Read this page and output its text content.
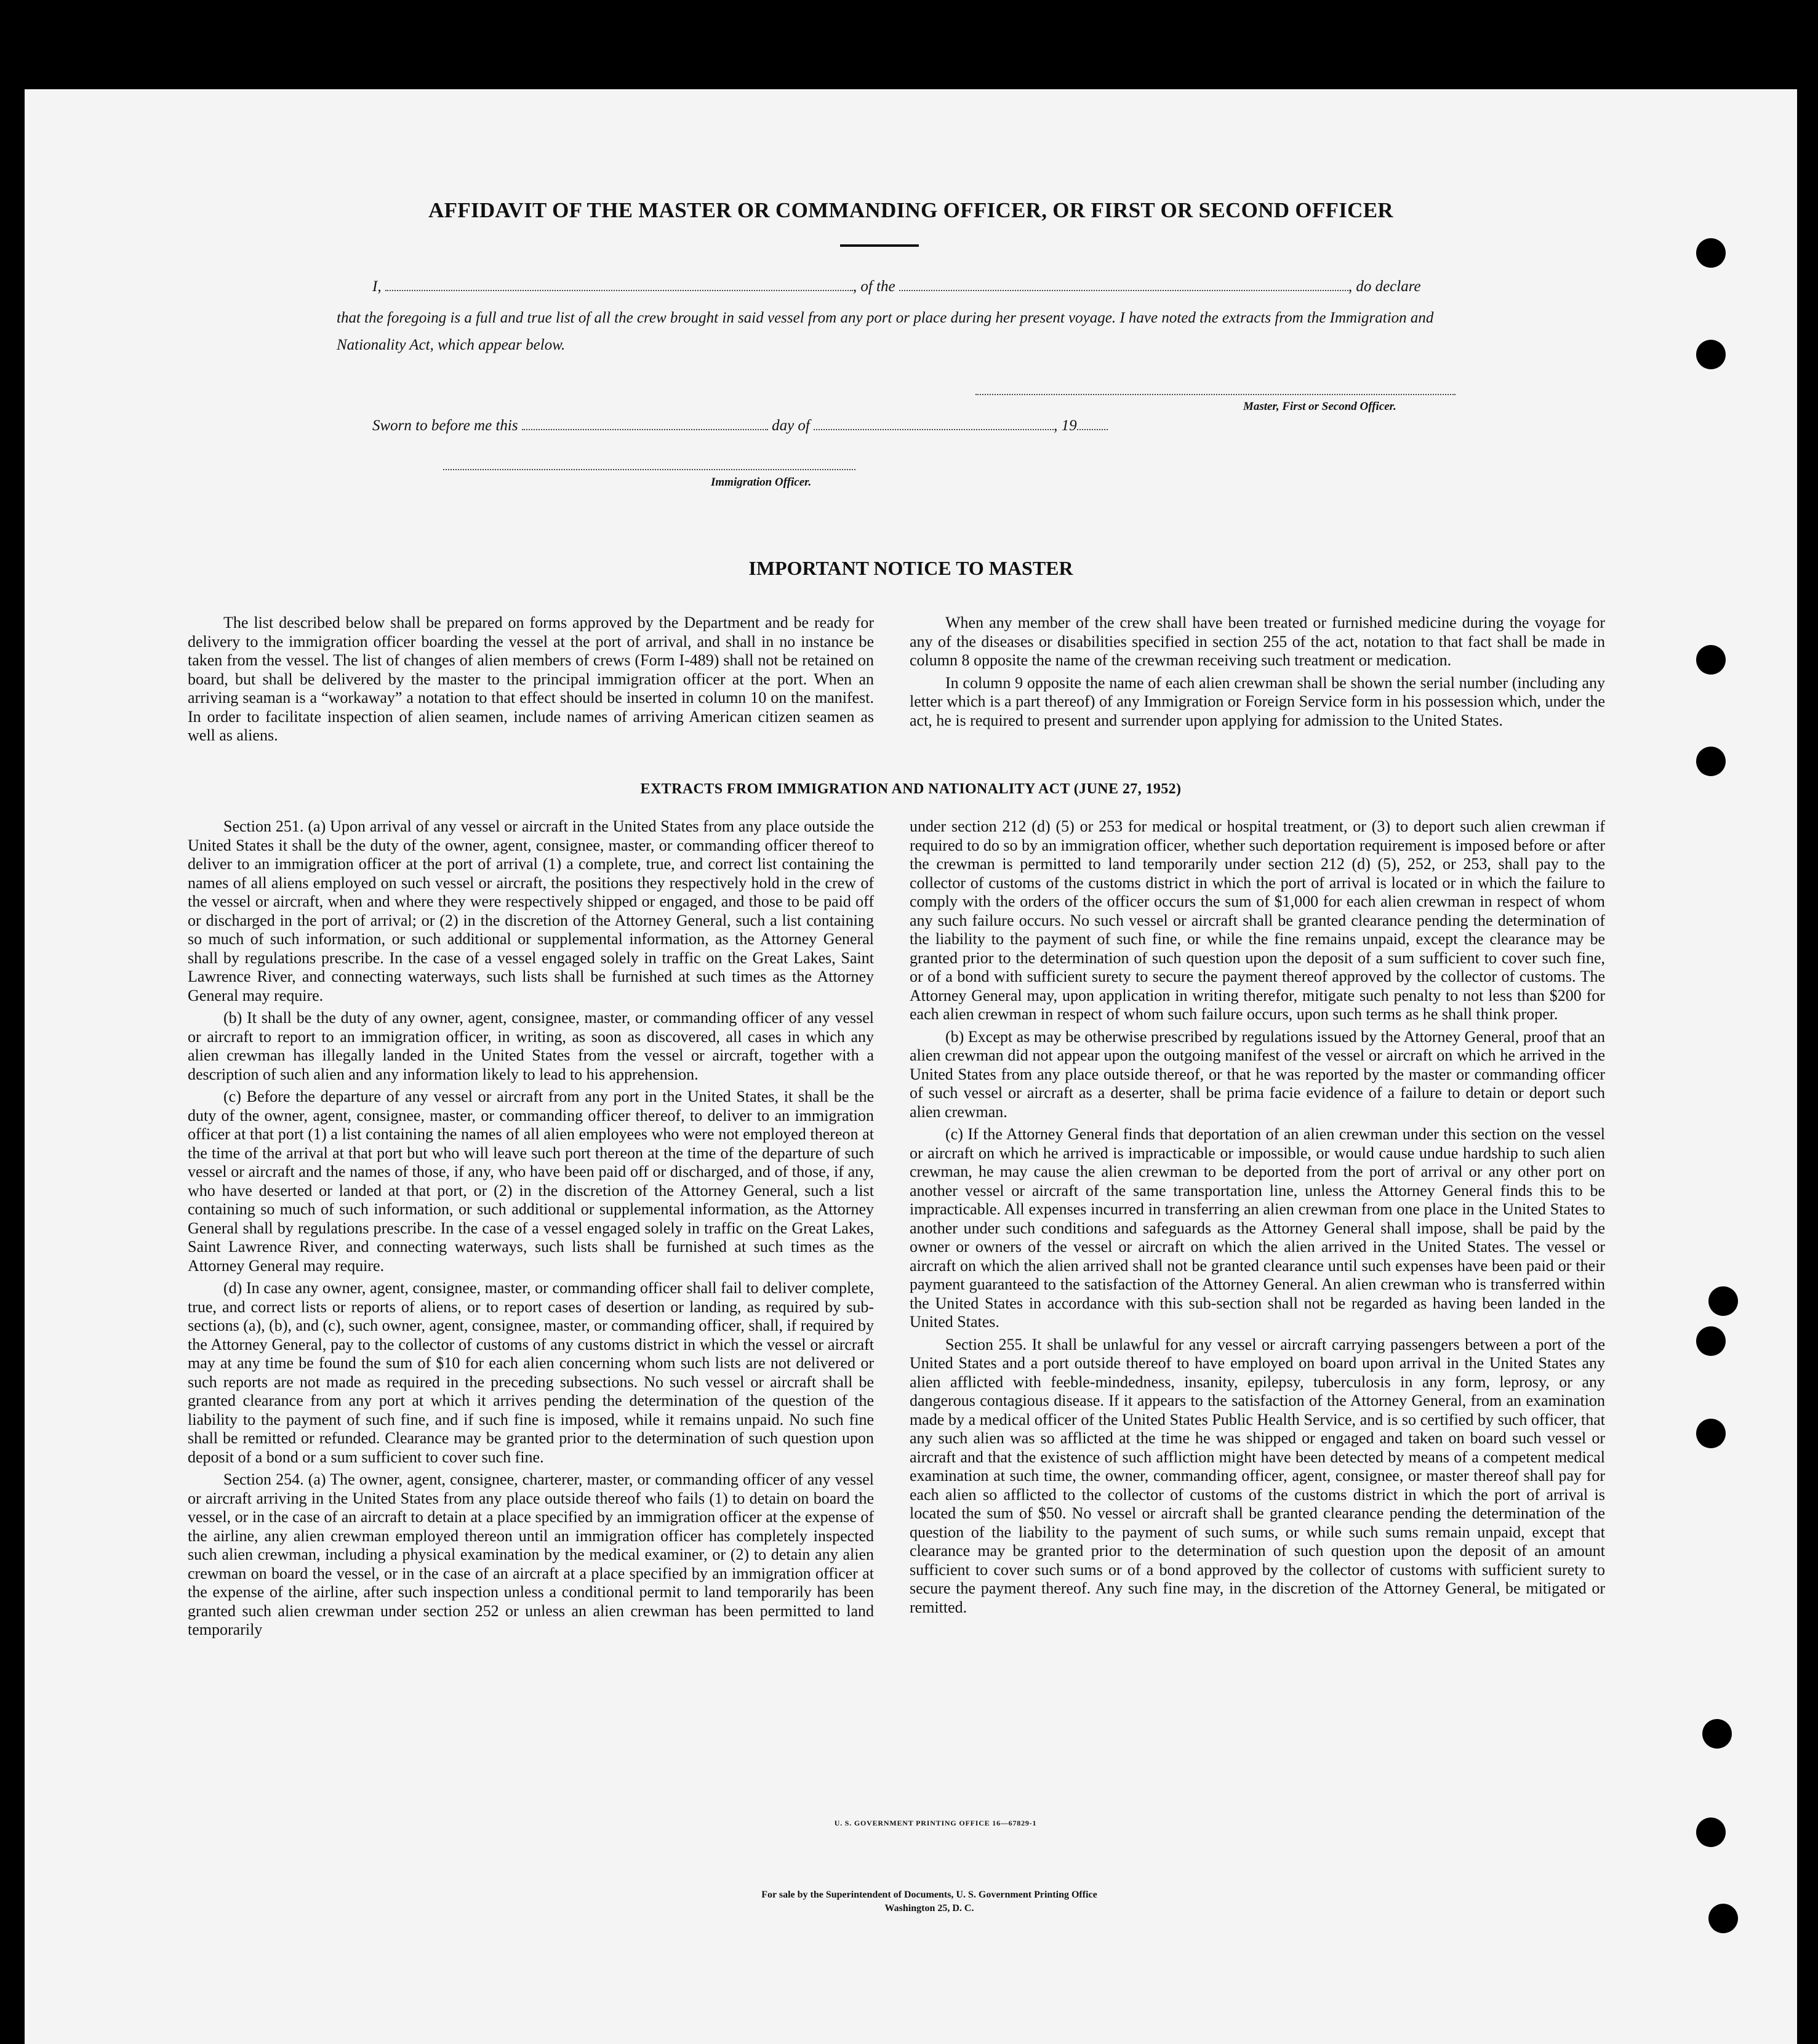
AFFIDAVIT OF THE MASTER OR COMMANDING OFFICER, OR FIRST OR SECOND OFFICER
I,	, of the	, do declare
that the foregoing is a full and true list of all the crew brought in said vessel from any port or place during her present voyage. I have noted the extracts from the Immigration and Nationality Act, which appear below.
Master, First or Second Officer.
Sworn to before me this	day of	, 19
Immigration Officer.
IMPORTANT NOTICE TO MASTER

The list described below shall be prepared on forms approved by the Department and be ready for delivery to the immigration officer boarding the vessel at the port of arrival, and shall in no instance be taken from the vessel. The list of changes of alien members of crews (Form I-489) shall not be retained on board, but shall be delivered by the master to the principal immigration officer at the port. When an arriving seaman is a “workaway” a notation to that effect should be inserted in column 10 on the manifest. In order to facilitate inspection of alien seamen, include names of arriving American citizen seamen as well as aliens.

When any member of the crew shall have been treated or furnished medicine during the voyage for any of the diseases or disabilities specified in section 255 of the act, notation to that fact shall be made in column 8 opposite the name of the crewman receiving such treatment or medication.

In column 9 opposite the name of each alien crewman shall be shown the serial number (including any letter which is a part thereof) of any Immigration or Foreign Service form in his possession which, under the act, he is required to present and surrender upon applying for admission to the United States.

EXTRACTS FROM IMMIGRATION AND NATIONALITY ACT (JUNE 27, 1952)

Section 251. (a) Upon arrival of any vessel or aircraft in the United States from any place outside the United States it shall be the duty of the owner, agent, consignee, master, or commanding officer thereof to deliver to an immigration officer at the port of arrival (1) a complete, true, and correct list containing the names of all aliens employed on such vessel or aircraft, the positions they respectively hold in the crew of the vessel or aircraft, when and where they were respectively shipped or engaged, and those to be paid off or discharged in the port of arrival; or (2) in the discretion of the Attorney General, such a list containing so much of such information, or such additional or supplemental information, as the Attorney General shall by regulations prescribe. In the case of a vessel engaged solely in traffic on the Great Lakes, Saint Lawrence River, and connecting waterways, such lists shall be furnished at such times as the Attorney General may require.

(b) It shall be the duty of any owner, agent, consignee, master, or commanding officer of any vessel or aircraft to report to an immigration officer, in writing, as soon as discovered, all cases in which any alien crewman has illegally landed in the United States from the vessel or aircraft, together with a description of such alien and any information likely to lead to his apprehension.

(c) Before the departure of any vessel or aircraft from any port in the United States, it shall be the duty of the owner, agent, consignee, master, or commanding officer thereof, to deliver to an immigration officer at that port (1) a list containing the names of all alien employees who were not employed thereon at the time of the arrival at that port but who will leave such port thereon at the time of the departure of such vessel or aircraft and the names of those, if any, who have been paid off or discharged, and of those, if any, who have deserted or landed at that port, or (2) in the discretion of the Attorney General, such a list containing so much of such information, or such additional or supplemental information, as the Attorney General shall by regulations prescribe. In the case of a vessel engaged solely in traffic on the Great Lakes, Saint Lawrence River, and connecting waterways, such lists shall be furnished at such times as the Attorney General may require.

(d) In case any owner, agent, consignee, master, or commanding officer shall fail to deliver complete, true, and correct lists or reports of aliens, or to report cases of desertion or landing, as required by sub-sections (a), (b), and (c), such owner, agent, consignee, master, or commanding officer, shall, if required by the Attorney General, pay to the collector of customs of any customs district in which the vessel or aircraft may at any time be found the sum of $10 for each alien concerning whom such lists are not delivered or such reports are not made as required in the preceding subsections. No such vessel or aircraft shall be granted clearance from any port at which it arrives pending the determination of the question of the liability to the payment of such fine, and if such fine is imposed, while it remains unpaid. No such fine shall be remitted or refunded. Clearance may be granted prior to the determination of such question upon deposit of a bond or a sum sufficient to cover such fine.

Section 254. (a) The owner, agent, consignee, charterer, master, or commanding officer of any vessel or aircraft arriving in the United States from any place outside thereof who fails (1) to detain on board the vessel, or in the case of an aircraft to detain at a place specified by an immigration officer at the expense of the airline, any alien crewman employed thereon until an immigration officer has completely inspected such alien crewman, including a physical examination by the medical examiner, or (2) to detain any alien crewman on board the vessel, or in the case of an aircraft at a place specified by an immigration officer at the expense of the airline, after such inspection unless a conditional permit to land temporarily has been granted such alien crewman under section 252 or unless an alien crewman has been permitted to land temporarily

under section 212 (d) (5) or 253 for medical or hospital treatment, or (3) to deport such alien crewman if required to do so by an immigration officer, whether such deportation requirement is imposed before or after the crewman is permitted to land temporarily under section 212 (d) (5), 252, or 253, shall pay to the collector of customs of the customs district in which the port of arrival is located or in which the failure to comply with the orders of the officer occurs the sum of $1,000 for each alien crewman in respect of whom any such failure occurs. No such vessel or aircraft shall be granted clearance pending the determination of the liability to the payment of such fine, or while the fine remains unpaid, except the clearance may be granted prior to the determination of such question upon the deposit of a sum sufficient to cover such fine, or of a bond with sufficient surety to secure the payment thereof approved by the collector of customs. The Attorney General may, upon application in writing therefor, mitigate such penalty to not less than $200 for each alien crewman in respect of whom such failure occurs, upon such terms as he shall think proper.

(b) Except as may be otherwise prescribed by regulations issued by the Attorney General, proof that an alien crewman did not appear upon the outgoing manifest of the vessel or aircraft on which he arrived in the United States from any place outside thereof, or that he was reported by the master or commanding officer of such vessel or aircraft as a deserter, shall be prima facie evidence of a failure to detain or deport such alien crewman.

(c) If the Attorney General finds that deportation of an alien crewman under this section on the vessel or aircraft on which he arrived is impracticable or impossible, or would cause undue hardship to such alien crewman, he may cause the alien crewman to be deported from the port of arrival or any other port on another vessel or aircraft of the same transportation line, unless the Attorney General finds this to be impracticable. All expenses incurred in transferring an alien crewman from one place in the United States to another under such conditions and safeguards as the Attorney General shall impose, shall be paid by the owner or owners of the vessel or aircraft on which the alien arrived in the United States. The vessel or aircraft on which the alien arrived shall not be granted clearance until such expenses have been paid or their payment guaranteed to the satisfaction of the Attorney General. An alien crewman who is transferred within the United States in accordance with this sub-section shall not be regarded as having been landed in the United States.

Section 255. It shall be unlawful for any vessel or aircraft carrying passengers between a port of the United States and a port outside thereof to have employed on board upon arrival in the United States any alien afflicted with feeble-mindedness, insanity, epilepsy, tuberculosis in any form, leprosy, or any dangerous contagious disease. If it appears to the satisfaction of the Attorney General, from an examination made by a medical officer of the United States Public Health Service, and is so certified by such officer, that any such alien was so afflicted at the time he was shipped or engaged and taken on board such vessel or aircraft and that the existence of such affliction might have been detected by means of a competent medical examination at such time, the owner, commanding officer, agent, consignee, or master thereof shall pay for each alien so afflicted to the collector of customs of the customs district in which the port of arrival is located the sum of $50. No vessel or aircraft shall be granted clearance pending the determination of the question of the liability to the payment of such sums, or while such sums remain unpaid, except that clearance may be granted prior to the determination of such question upon the deposit of an amount sufficient to cover such sums or of a bond approved by the collector of customs with sufficient surety to secure the payment thereof. Any such fine may, in the discretion of the Attorney General, be mitigated or remitted.

U. S. GOVERNMENT PRINTING OFFICE 16—67829-1
For sale by the Superintendent of Documents, U. S. Government Printing Office
Washington 25, D. C.
